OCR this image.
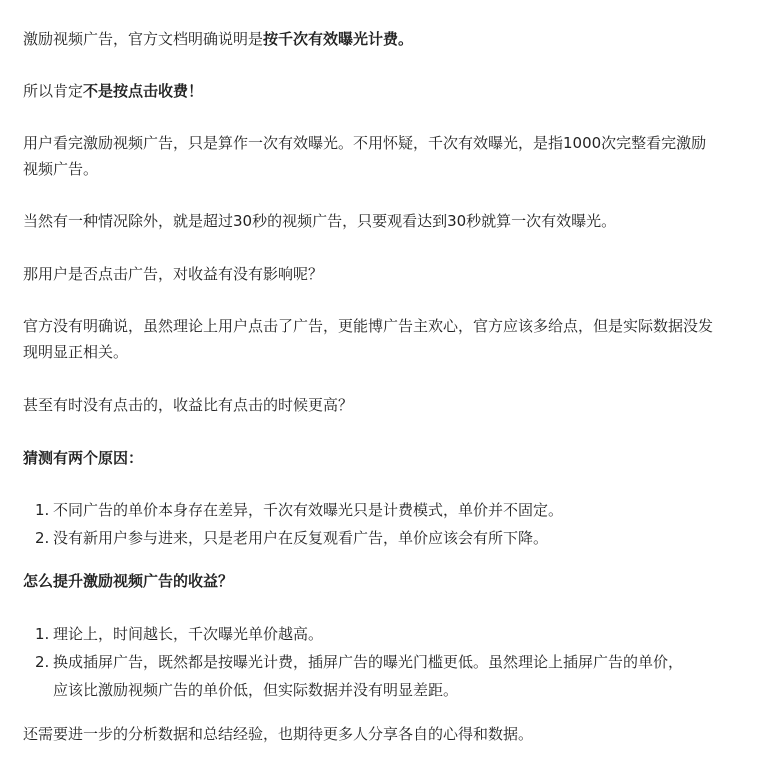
激励视频广告，官方文档明确说明是按千次有效曝光计费。
所以肯定不是按点击收费！
用户看完激励视频广告，只是算作一次有效曝光。不用怀疑，千次有效曝光，是指1000次完整看完激励
视频广告。
当然有一种情况除外，就是超过30秒的视频广告，只要观看达到30秒就算一次有效曝光。
那用户是否点击广告，对收益有没有影响呢？
官方没有明确说，虽然理论上用户点击了广告，更能博广告主欢心，官方应该多给点，但是实际数据没发
现明显正相关。
甚至有时没有点击的，收益比有点击的时候更高？
猜测有两个原因：
1. 不同广告的单价本身存在差异，千次有效曝光只是计费模式，单价并不固定。
2. 没有新用户参与进来，只是老用户在反复观看广告，单价应该会有所下降。
怎么提升激励视频广告的收益？
1. 理论上，时间越长，千次曝光单价越高。
2. 换成插屏广告，既然都是按曝光计费，插屏广告的曝光门槛更低。虽然理论上插屏广告的单价，
应该比激励视频广告的单价低，但实际数据并没有明显差距。
还需要进一步的分析数据和总结经验，也期待更多人分享各自的心得和数据。
